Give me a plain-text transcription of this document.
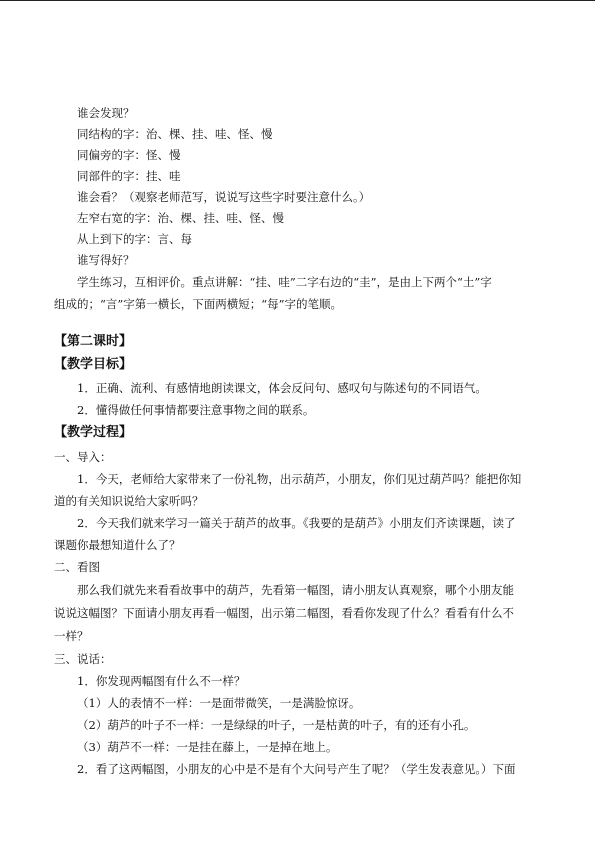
谁会发现？
同结构的字：治、棵、挂、哇、怪、慢
同偏旁的字：怪、慢
同部件的字：挂、哇
谁会看？（观察老师范写，说说写这些字时要注意什么。）
左窄右宽的字：治、棵、挂、哇、怪、慢
从上到下的字：言、每
谁写得好？
学生练习，互相评价。重点讲解：“挂、哇”二字右边的“圭”，是由上下两个“土”字
组成的；“言”字第一横长，下面两横短；“每”字的笔顺。
【第二课时】
【教学目标】
1．正确、流利、有感情地朗读课文，体会反问句、感叹句与陈述句的不同语气。
2．懂得做任何事情都要注意事物之间的联系。
【教学过程】
一、导入：
1．今天，老师给大家带来了一份礼物，出示葫芦，小朋友，你们见过葫芦吗？能把你知
道的有关知识说给大家听吗？
2．今天我们就来学习一篇关于葫芦的故事。《我要的是葫芦》小朋友们齐读课题，读了
课题你最想知道什么了？
二、看图
那么我们就先来看看故事中的葫芦，先看第一幅图，请小朋友认真观察，哪个小朋友能
说说这幅图？下面请小朋友再看一幅图，出示第二幅图，看看你发现了什么？看看有什么不
一样？
三、说话：
1．你发现两幅图有什么不一样？
（1）人的表情不一样：一是面带微笑，一是满脸惊讶。
（2）葫芦的叶子不一样：一是绿绿的叶子，一是枯黄的叶子，有的还有小孔。
（3）葫芦不一样：一是挂在藤上，一是掉在地上。
2．看了这两幅图，小朋友的心中是不是有个大问号产生了呢？（学生发表意见。）下面
